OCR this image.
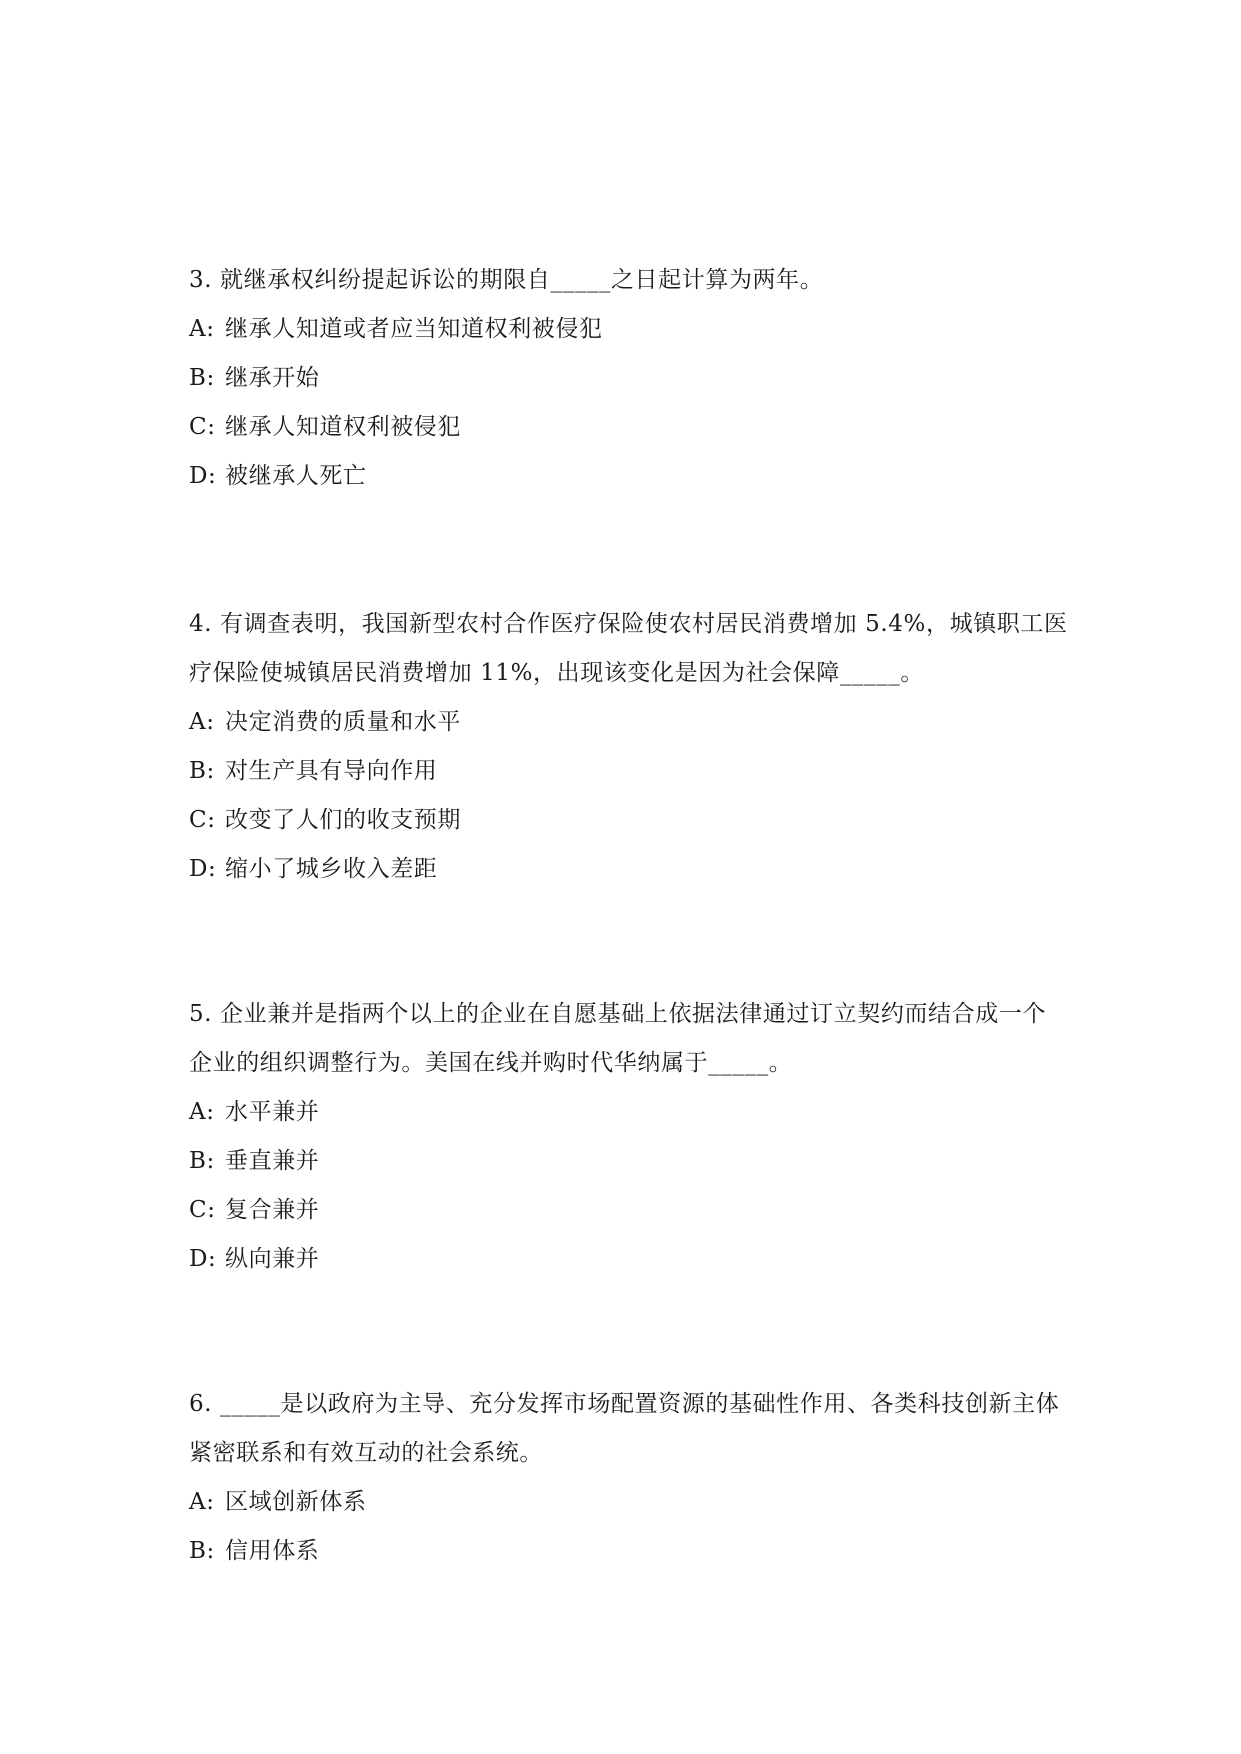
3. 就继承权纠纷提起诉讼的期限自_____之日起计算为两年。

A: 继承人知道或者应当知道权利被侵犯

B: 继承开始

C: 继承人知道权利被侵犯

D: 被继承人死亡

4. 有调查表明，我国新型农村合作医疗保险使农村居民消费增加 5.4%，城镇职工医疗保险使城镇居民消费增加 11%，出现该变化是因为社会保障_____。

A: 决定消费的质量和水平

B: 对生产具有导向作用

C: 改变了人们的收支预期

D: 缩小了城乡收入差距

5. 企业兼并是指两个以上的企业在自愿基础上依据法律通过订立契约而结合成一个企业的组织调整行为。美国在线并购时代华纳属于_____。

A: 水平兼并

B: 垂直兼并

C: 复合兼并

D: 纵向兼并

6. _____是以政府为主导、充分发挥市场配置资源的基础性作用、各类科技创新主体紧密联系和有效互动的社会系统。

A: 区域创新体系

B: 信用体系
